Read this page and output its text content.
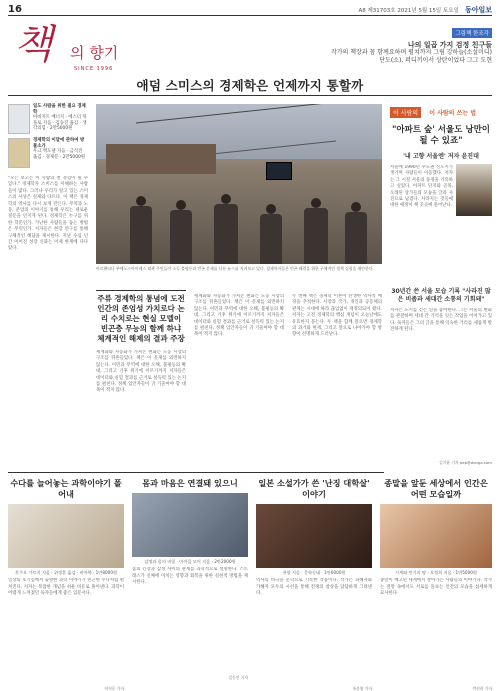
16	A8 제31703호 2021년 5월 15일 토요일 동아일보
책 의 향기
SINCE 1996
그림책 한조각
나의 일곱 가지 검정 친구들
작가의 책장과 꼼 함께요하며 펼쳐까지 그림 강하늘(소설미디)
단도(소), 퍼디끼이서 상탄이었다 그그 도현
애덤 스미스의 경제학은 언제까지 통할까
일도 사람을 위한 필요 경제학
아비지트 배너지 · 에스더 뒤플로 지음 · 김승진 옮김 · 생각의힘 · 2만5000원
경제학의 이달에 관하여 방물소가
우크 맥도넬 지음 · 금석진 옮김 · 경제문 · 2만5000원
"모든 보고는 이 사람의 첫 경험이 될 수 있다." 경제학자 스미스를 이해하는 사람들이 많다. 그러나 우리가 알고 있는 스미스의 사상은 실제와 다르다. 이 책은 경제학의 역사를 다시 보게 만든다. 무역과 노동, 분업의 이야기를 통해 우리는 새로운 질문을 던지게 된다. 경제학은 누구를 위한 학문인가. 가난한 사람들을 돕는 방법은 무엇인가. 저자들은 현장 연구를 통해 구체적인 해답을 제시한다. 지난 수십 년간 이어진 성장 신화는 이제 한계에 다다랐다.
아르헨티나 부에노스아이레스 외곽 주민들이 소득 불평등과 빈곤 문제를 다룬 뉴스를 지켜보고 있다. 경제학자들은 빈곤 해결을 위한 구체적인 정책 실험을 제안한다.
주류 경제학의 통념에 도전 인간의 존엄성 가치로다 논리 수치로는 현실 모델이 빈곤층 무능의 함께 하냐 체계적인 해제의 결과 주장
세계화와 자동화가 가져온 변화는 노동 시장의 구조를 뒤흔들었다. 책은 이 문제를 외면하지 않는다. 이민과 무역에 대한 오해, 불평등의 확대, 그리고 기후 위기에 이르기까지 저자들은 데이터와 실험 결과를 근거로 설득력 있는 논지를 펼친다. 정책 입안자들이 귀 기울여야 할 대목이 적지 않다.
세계화와 자동화가 가져온 변화는 노동 시장의 구조를 뒤흔들었다. 책은 이 문제를 외면하지 않는다. 이민과 무역에 대한 오해, 불평등의 확대, 그리고 기후 위기에 이르기까지 저자들은 데이터와 실험 결과를 근거로 설득력 있는 논지를 펼친다. 정책 입안자들이 귀 기울여야 할 대목이 적지 않다.
두 번째 책은 경제학 이론이 탄생한 역사적 배경을 추적한다. 시장과 국가, 개인과 공동체의 관계는 시대에 따라 끊임없이 재정의되어 왔다. 저자는 고전 경제학의 핵심 개념이 오늘날에도 유효한지 묻는다. 두 책을 함께 읽으면 경제학의 과거와 현재, 그리고 앞으로 나아가야 할 방향이 선명하게 드러난다.
이 사람의 이 사람의 쓰는 법
"아파트 숲' 서울도 낭만이 될 수 있죠"
'내 고향 서울엔' 저자 윤진대
서울에 1990년 수도권 신도시가 생기며 사람들이 이동했다. 저자는 그 시절 서울의 풍경을 기록하고 싶었다. 아파트 단지와 골목, 오래된 상가들의 모습을 글과 사진으로 남겼다. 사라지는 것들에 대한 애정이 책 곳곳에 묻어난다.
30년간 쓴 서울 모습 기록 "사라진 많은 비좁과 세대간 소통의 기회돼"
저자는 도시를 걷는 일을 좋아한다. 그는 서울의 변화를 관찰하며 세대 간 기억을 잇는 작업을 이어가고 있다. 독자들은 그의 글을 통해 익숙한 거리를 새롭게 발견하게 된다.
김기윤 기자 pep@donga.com
수다를 늘어놓는 과학이야기 폴어내
후쿠오 가토지 지음 · 위정훈 옮김 · 비아북 · 1만8000원
일상의 호기심에서 출발한 과학 이야기가 친근한 수다처럼 펼쳐진다. 저자는 복잡한 개념을 쉬운 비유로 풀어낸다. 과학이 어렵게 느껴졌던 독자들에게 좋은 입문서다.
이지운 기자
몸과 마음은 연결돼 있으니
감정과 몸의 비밀 · 마이클 모어 지음 · 2만2000원
몸의 긴장과 감정 사이의 관계를 과학적으로 설명한다. 스트레스가 신체에 미치는 영향과 회복을 위한 실천적 방법을 제시한다.
김동인 기자
일본 소설가가 쓴 '난징 대학살' 이야기
천양 지음 · 문학동네 · 1만6000원
역사의 비극을 문학으로 기록한 작품이다. 작가는 피해자와 가해자 모두의 시선을 통해 전쟁의 참상을 담담하게 그려낸다.
조종엽 기자
종말을 앞둔 세상에서 인간은 어떤 모습일까
시계와 연기의 땅 · 오정희 지음 · 1만5000원
종말이 예고된 세계에서 살아가는 사람들의 이야기다. 작가는 절망 속에서도 서로를 돌보는 인간의 모습을 섬세하게 묘사한다.
박선희 기자
